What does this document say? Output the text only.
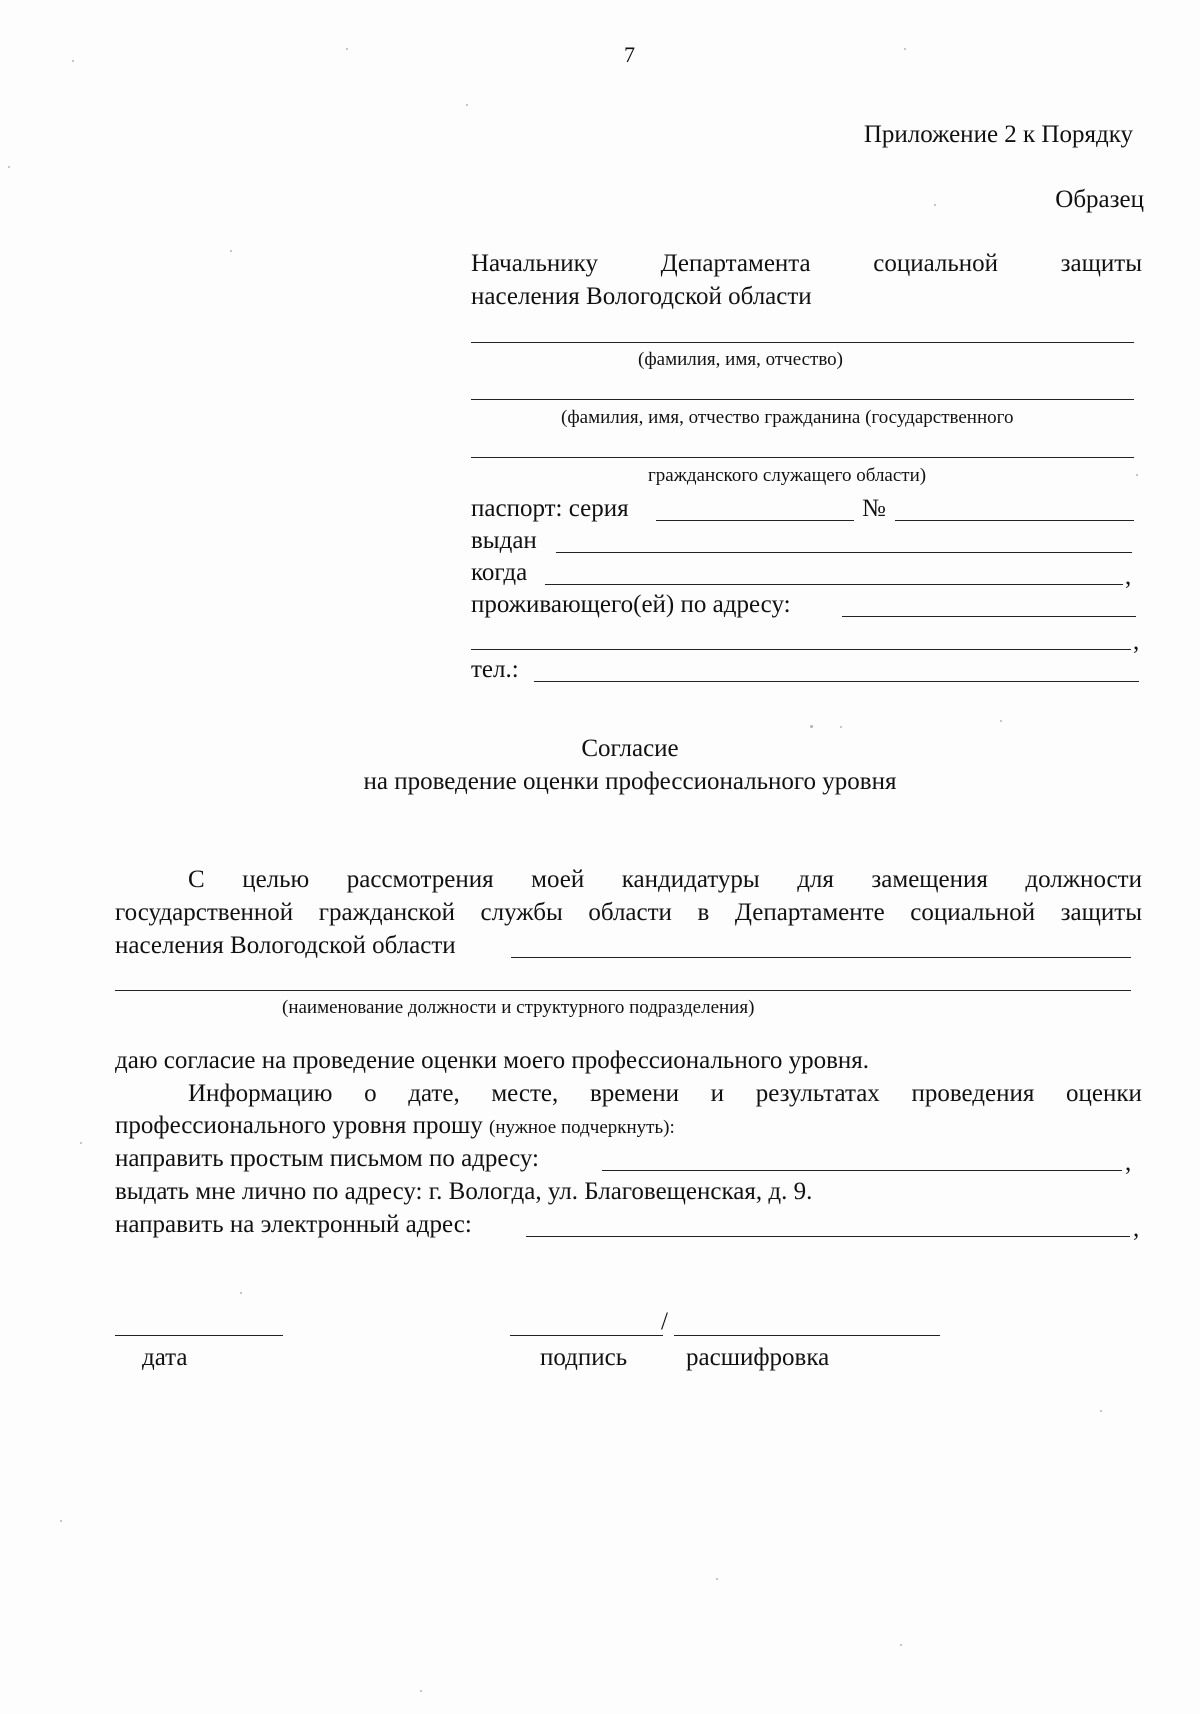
7
Приложение 2 к Порядку
Образец
Начальнику	Департамента	социальной	защиты
населения Вологодской области
(фамилия, имя, отчество)
(фамилия, имя, отчество гражданина (государственного
гражданского служащего области)
паспорт: серия	№
выдан
когда	,
проживающего(ей) по адресу:
,
тел.:
Согласие
на проведение оценки профессионального уровня
С целью рассмотрения моей кандидатуры для замещения должности
государственной гражданской службы области в Департаменте социальной защиты
населения Вологодской области
(наименование должности и структурного подразделения)
даю согласие на проведение оценки моего профессионального уровня.
Информацию о дате, месте, времени и результатах проведения оценки
профессионального уровня прошу (нужное подчеркнуть):
направить простым письмом по адресу:	,
выдать мне лично по адресу: г. Вологда, ул. Благовещенская, д. 9.
направить на электронный адрес:	,
дата
/
подпись расшифровка
